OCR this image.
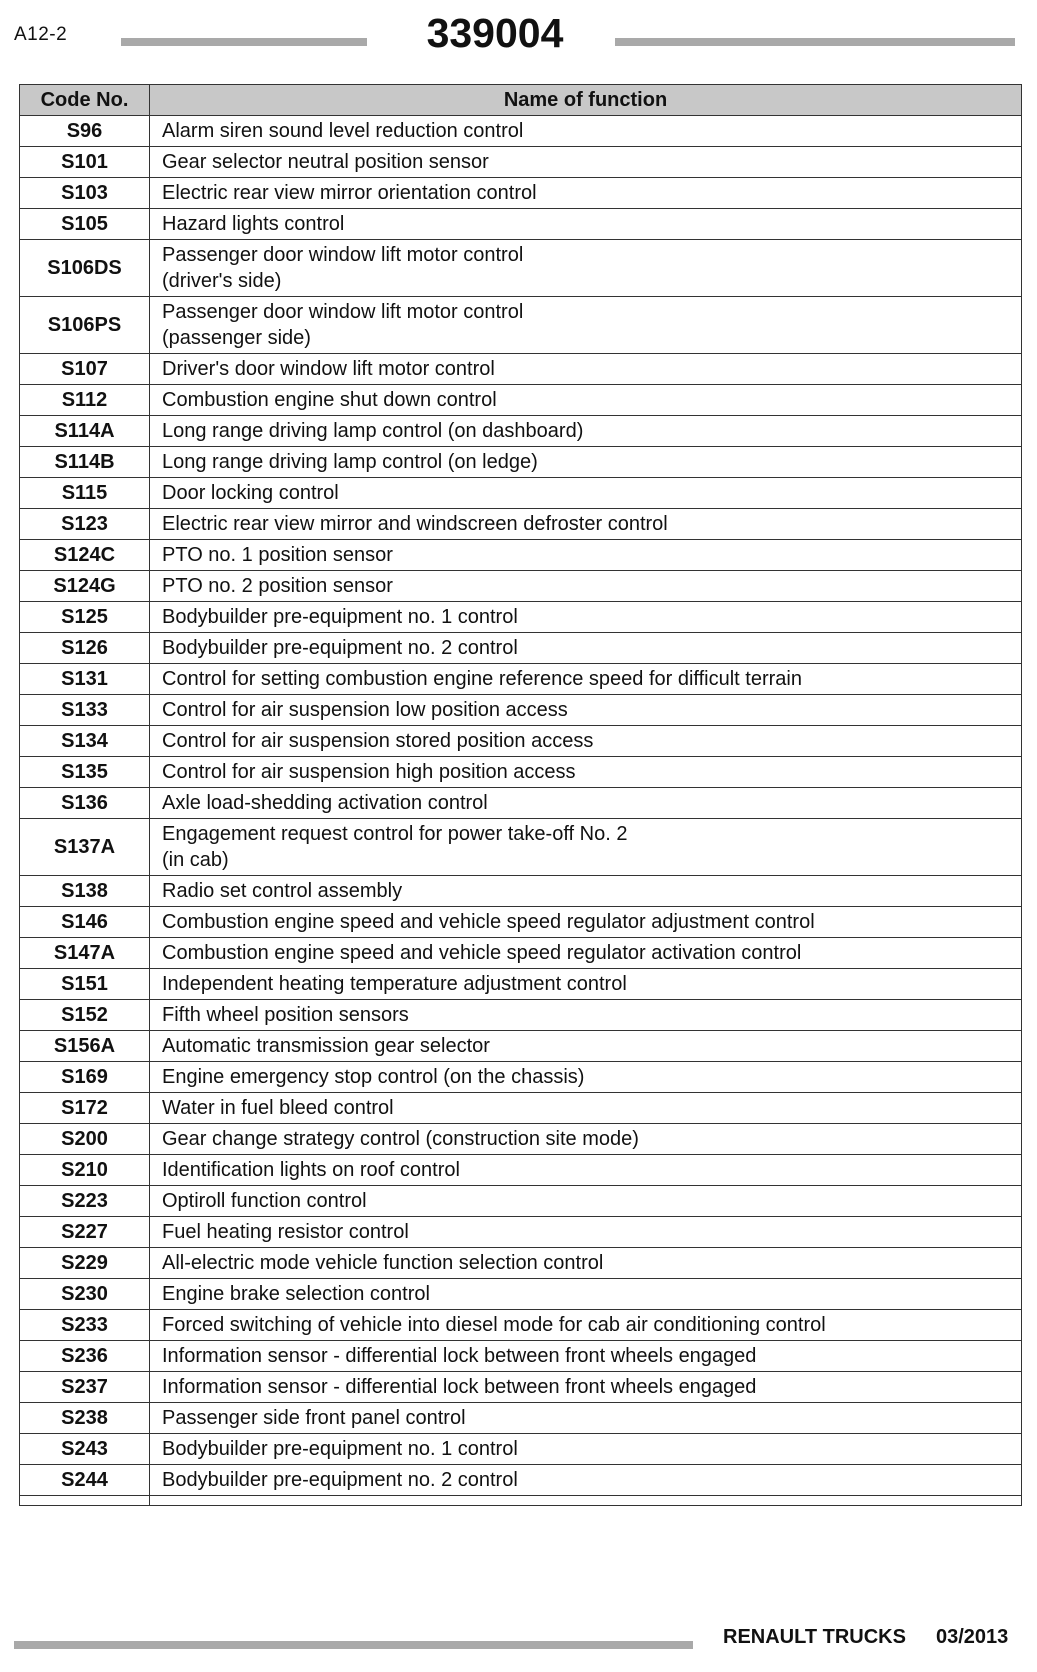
A12-2	339004
Code No.	Name of function
S96	Alarm siren sound level reduction control
S101	Gear selector neutral position sensor
S103	Electric rear view mirror orientation control
S105	Hazard lights control
S106DS	Passenger door window lift motor control
(driver's side)
S106PS	Passenger door window lift motor control
(passenger side)
S107	Driver's door window lift motor control
S112	Combustion engine shut down control
S114A	Long range driving lamp control (on dashboard)
S114B	Long range driving lamp control (on ledge)
S115	Door locking control
S123	Electric rear view mirror and windscreen defroster control
S124C	PTO no. 1 position sensor
S124G	PTO no. 2 position sensor
S125	Bodybuilder pre-equipment no. 1 control
S126	Bodybuilder pre-equipment no. 2 control
S131	Control for setting combustion engine reference speed for difficult terrain
S133	Control for air suspension low position access
S134	Control for air suspension stored position access
S135	Control for air suspension high position access
S136	Axle load-shedding activation control
S137A	Engagement request control for power take-off No. 2
(in cab)
S138	Radio set control assembly
S146	Combustion engine speed and vehicle speed regulator adjustment control
S147A	Combustion engine speed and vehicle speed regulator activation control
S151	Independent heating temperature adjustment control
S152	Fifth wheel position sensors
S156A	Automatic transmission gear selector
S169	Engine emergency stop control (on the chassis)
S172	Water in fuel bleed control
S200	Gear change strategy control (construction site mode)
S210	Identification lights on roof control
S223	Optiroll function control
S227	Fuel heating resistor control
S229	All-electric mode vehicle function selection control
S230	Engine brake selection control
S233	Forced switching of vehicle into diesel mode for cab air conditioning control
S236	Information sensor - differential lock between front wheels engaged
S237	Information sensor - differential lock between front wheels engaged
S238	Passenger side front panel control
S243	Bodybuilder pre-equipment no. 1 control
S244	Bodybuilder pre-equipment no. 2 control

RENAULT TRUCKS 03/2013
